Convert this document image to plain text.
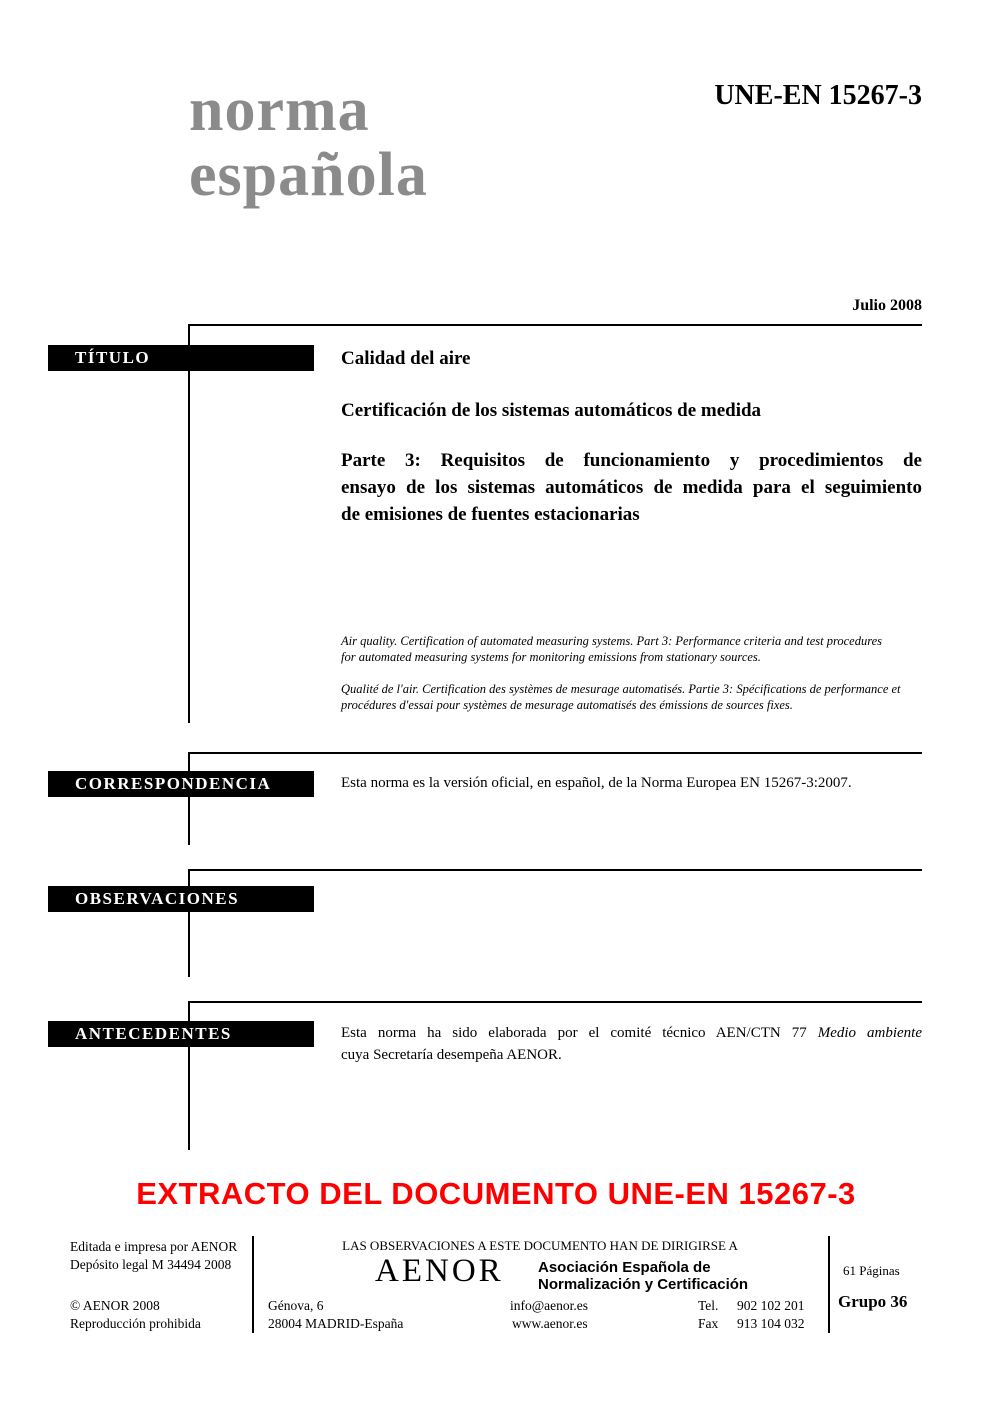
norma
española
UNE-EN 15267-3
Julio 2008
TÍTULO
CORRESPONDENCIA
OBSERVACIONES
ANTECEDENTES
Calidad del aire
Certificación de los sistemas automáticos de medida
Parte 3: Requisitos de funcionamiento y procedimientos de
ensayo de los sistemas automáticos de medida para el seguimiento
de emisiones de fuentes estacionarias
Air quality. Certification of automated measuring systems. Part 3: Performance criteria and test procedures
for automated measuring systems for monitoring emissions from stationary sources.
Qualité de l'air. Certification des systèmes de mesurage automatisés. Partie 3: Spécifications de performance et
procédures d'essai pour systèmes de mesurage automatisés des émissions de sources fixes.
Esta norma es la versión oficial, en español, de la Norma Europea EN 15267-3:2007.
Esta norma ha sido elaborada por el comité técnico AEN/CTN 77 Medio ambiente
cuya Secretaría desempeña AENOR.
EXTRACTO DEL DOCUMENTO UNE-EN 15267-3
Editada e impresa por AENOR
Depósito legal M 34494 2008
© AENOR 2008
Reproducción prohibida
LAS OBSERVACIONES A ESTE DOCUMENTO HAN DE DIRIGIRSE A
AENOR Asociación Española de
Normalización y Certificación
Génova, 6
28004 MADRID-España
info@aenor.es
www.aenor.es
Tel. 902 102 201
Fax 913 104 032
61 Páginas
Grupo 36
